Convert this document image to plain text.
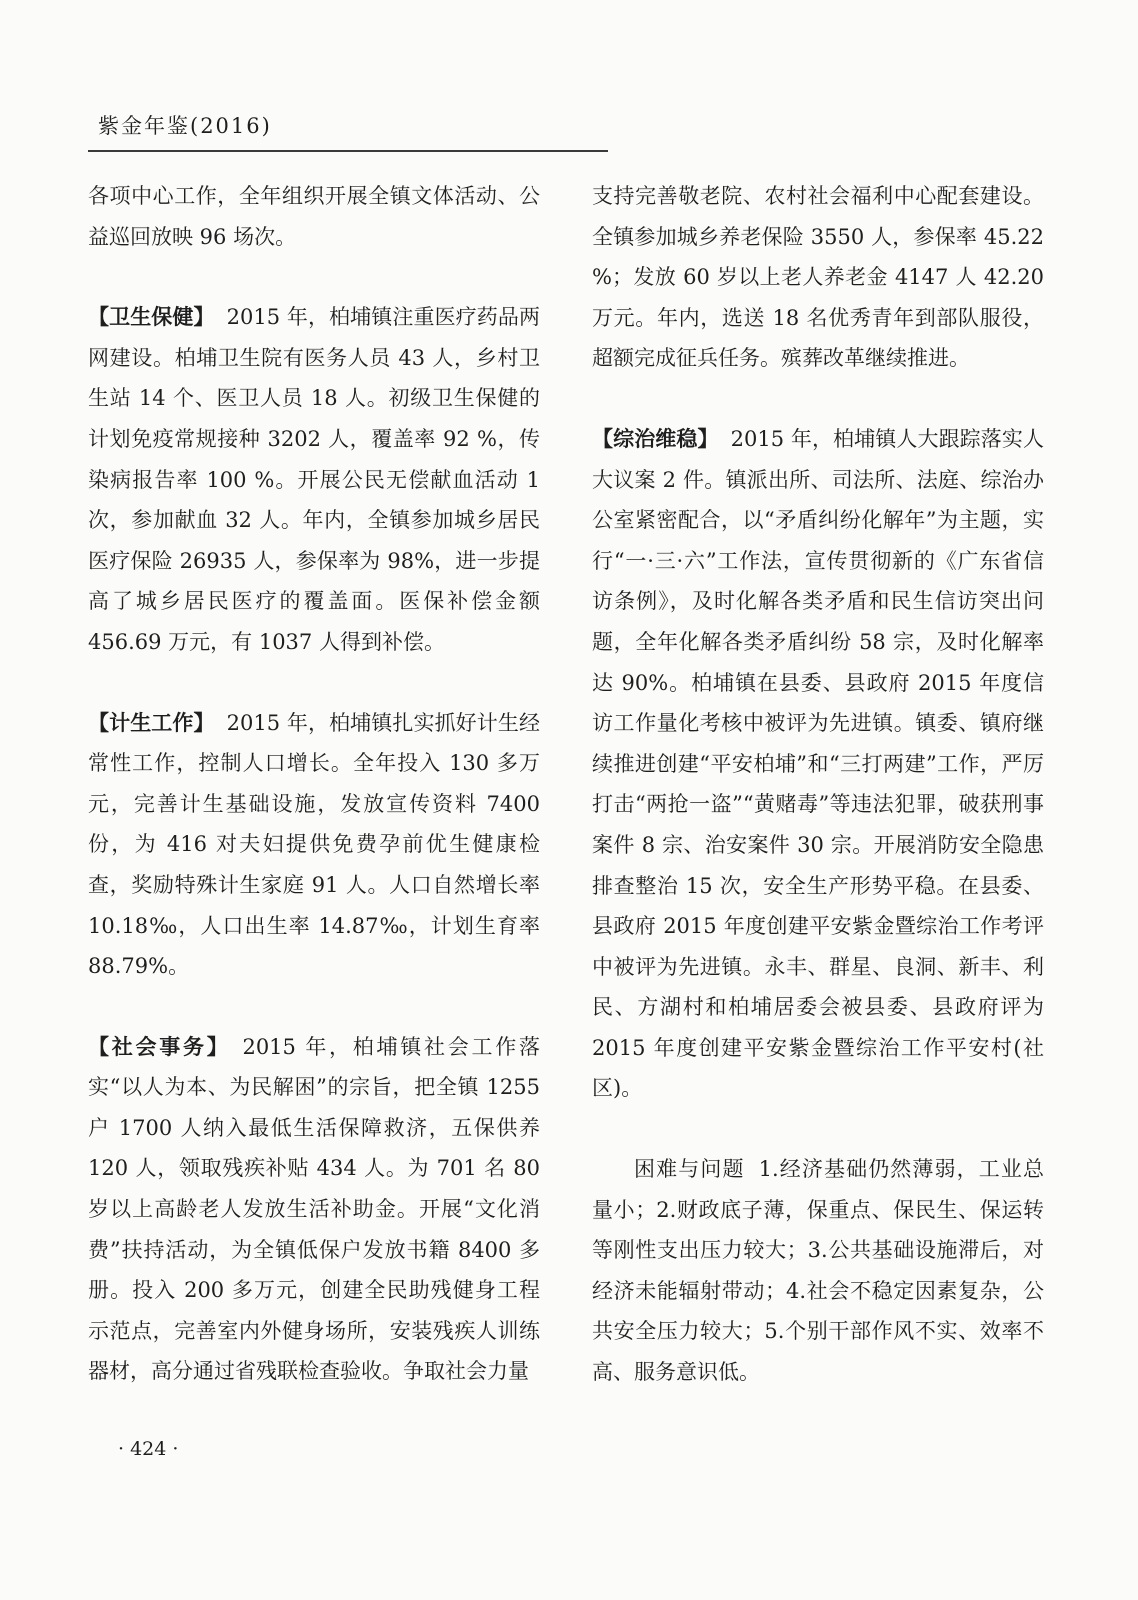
紫金年鉴(2016)

各项中心工作，全年组织开展全镇文体活动、公益巡回放映 96 场次。

【卫生保健】 2015 年，柏埔镇注重医疗药品两网建设。柏埔卫生院有医务人员 43 人，乡村卫生站 14 个、医卫人员 18 人。初级卫生保健的计划免疫常规接种 3202 人，覆盖率 92 %，传染病报告率 100 %。开展公民无偿献血活动 1 次，参加献血 32 人。年内，全镇参加城乡居民医疗保险 26935 人，参保率为 98%，进一步提高了城乡居民医疗的覆盖面。医保补偿金额 456.69 万元，有 1037 人得到补偿。

【计生工作】 2015 年，柏埔镇扎实抓好计生经常性工作，控制人口增长。全年投入 130 多万元，完善计生基础设施，发放宣传资料 7400 份，为 416 对夫妇提供免费孕前优生健康检查，奖励特殊计生家庭 91 人。人口自然增长率 10.18‰，人口出生率 14.87‰，计划生育率 88.79%。

【社会事务】 2015 年，柏埔镇社会工作落实“以人为本、为民解困”的宗旨，把全镇 1255 户 1700 人纳入最低生活保障救济，五保供养 120 人，领取残疾补贴 434 人。为 701 名 80 岁以上高龄老人发放生活补助金。开展“文化消费”扶持活动，为全镇低保户发放书籍 8400 多册。投入 200 多万元，创建全民助残健身工程示范点，完善室内外健身场所，安装残疾人训练器材，高分通过省残联检查验收。争取社会力量

支持完善敬老院、农村社会福利中心配套建设。全镇参加城乡养老保险 3550 人，参保率 45.22 %；发放 60 岁以上老人养老金 4147 人 42.20万元。年内，选送 18 名优秀青年到部队服役，超额完成征兵任务。殡葬改革继续推进。

【综治维稳】 2015 年，柏埔镇人大跟踪落实人大议案 2 件。镇派出所、司法所、法庭、综治办公室紧密配合，以“矛盾纠纷化解年”为主题，实行“一·三·六”工作法，宣传贯彻新的《广东省信访条例》，及时化解各类矛盾和民生信访突出问题，全年化解各类矛盾纠纷 58 宗，及时化解率达 90%。柏埔镇在县委、县政府 2015 年度信访工作量化考核中被评为先进镇。镇委、镇府继续推进创建“平安柏埔”和“三打两建”工作，严厉打击“两抢一盗”“黄赌毒”等违法犯罪，破获刑事案件 8 宗、治安案件 30 宗。开展消防安全隐患排查整治 15 次，安全生产形势平稳。在县委、县政府 2015 年度创建平安紫金暨综治工作考评中被评为先进镇。永丰、群星、良洞、新丰、利民、方湖村和柏埔居委会被县委、县政府评为 2015 年度创建平安紫金暨综治工作平安村(社区)。

困难与问题 1.经济基础仍然薄弱，工业总量小；2.财政底子薄，保重点、保民生、保运转等刚性支出压力较大；3.公共基础设施滞后，对经济未能辐射带动；4.社会不稳定因素复杂，公共安全压力较大；5.个别干部作风不实、效率不高、服务意识低。

· 424 ·
